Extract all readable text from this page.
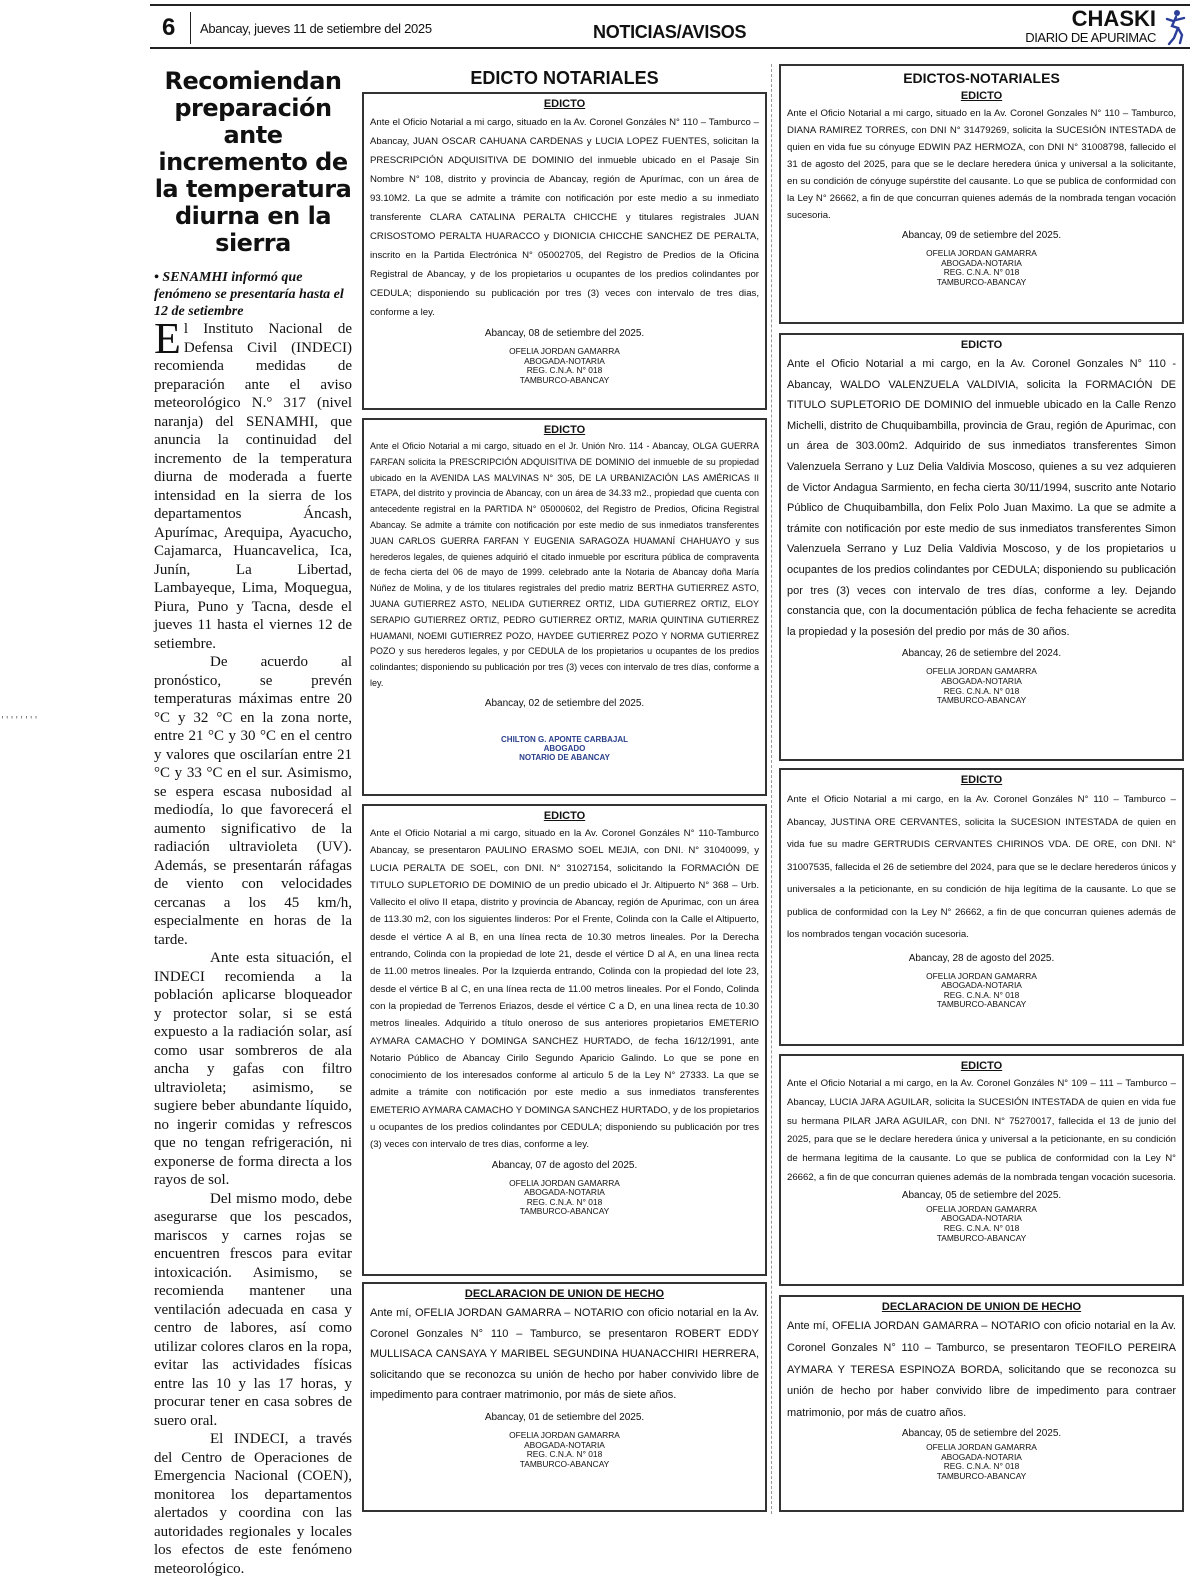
6 Abancay, jueves 11 de setiembre del 2025	NOTICIAS/AVISOS
CHASKI
DIARIO DE APURIMAC
''''''''
Recomiendan preparación ante incremento de la temperatura diurna en la sierra
• SENAMHI informó que fenómeno se presentaría hasta el 12 de setiembre

El Instituto Nacional de Defensa Civil (INDECI) recomienda medidas de preparación ante el aviso meteorológico N.° 317 (nivel naranja) del SENAMHI, que anuncia la continuidad del incremento de la temperatura diurna de moderada a fuerte intensidad en la sierra de los departamentos Áncash, Apurímac, Arequipa, Ayacucho, Cajamarca, Huancavelica, Ica, Junín, La Libertad, Lambayeque, Lima, Moquegua, Piura, Puno y Tacna, desde el jueves 11 hasta el viernes 12 de setiembre.

De acuerdo al pronóstico, se prevén temperaturas máximas entre 20 °C y 32 °C en la zona norte, entre 21 °C y 30 °C en el centro y valores que oscilarían entre 21 °C y 33 °C en el sur. Asimismo, se espera escasa nubosidad al mediodía, lo que favorecerá el aumento significativo de la radiación ultravioleta (UV). Además, se presentarán ráfagas de viento con velocidades cercanas a los 45 km/h, especialmente en horas de la tarde.

Ante esta situación, el INDECI recomienda a la población aplicarse bloqueador y protector solar, si se está expuesto a la radiación solar, así como usar sombreros de ala ancha y gafas con filtro ultravioleta; asimismo, se sugiere beber abundante líquido, no ingerir comidas y refrescos que no tengan refrigeración, ni exponerse de forma directa a los rayos de sol.

Del mismo modo, debe asegurarse que los pescados, mariscos y carnes rojas se encuentren frescos para evitar intoxicación. Asimismo, se recomienda mantener una ventilación adecuada en casa y centro de labores, así como utilizar colores claros en la ropa, evitar las actividades físicas entre las 10 y las 17 horas, y procurar tener en casa sobres de suero oral.

El INDECI, a través del Centro de Operaciones de Emergencia Nacional (COEN), monitorea los departamentos alertados y coordina con las autoridades regionales y locales los efectos de este fenómeno meteorológico.

EDICTO NOTARIALES
EDICTO
Ante el Oficio Notarial a mi cargo, situado en la Av. Coronel Gonzáles N° 110 – Tamburco – Abancay, JUAN OSCAR CAHUANA CARDENAS y LUCIA LOPEZ FUENTES, solicitan la PRESCRIPCIÓN ADQUISITIVA DE DOMINIO del inmueble ubicado en el Pasaje Sin Nombre N° 108, distrito y provincia de Abancay, región de Apurímac, con un área de 93.10M2. La que se admite a trámite con notificación por este medio a su inmediato transferente CLARA CATALINA PERALTA CHICCHE y titulares registrales JUAN CRISOSTOMO PERALTA HUARACCO y DIONICIA CHICCHE SANCHEZ DE PERALTA, inscrito en la Partida Electrónica N° 05002705, del Registro de Predios de la Oficina Registral de Abancay, y de los propietarios u ocupantes de los predios colindantes por CEDULA; disponiendo su publicación por tres (3) veces con intervalo de tres dias, conforme a ley.
Abancay, 08 de setiembre del 2025.
OFELIA JORDAN GAMARRA
ABOGADA-NOTARIA
REG. C.N.A. N° 018
TAMBURCO-ABANCAY
EDICTO
Ante el Oficio Notarial a mi cargo, situado en el Jr. Unión Nro. 114 - Abancay, OLGA GUERRA FARFAN solicita la PRESCRIPCIÓN ADQUISITIVA DE DOMINIO del inmueble de su propiedad ubicado en la AVENIDA LAS MALVINAS N° 305, DE LA URBANIZACIÓN LAS AMÉRICAS II ETAPA, del distrito y provincia de Abancay, con un área de 34.33 m2., propiedad que cuenta con antecedente registral en la PARTIDA N° 05000602, del Registro de Predios, Oficina Registral Abancay. Se admite a trámite con notificación por este medio de sus inmediatos transferentes JUAN CARLOS GUERRA FARFAN Y EUGENIA SARAGOZA HUAMANÍ CHAHUAYO y sus herederos legales, de quienes adquirió el citado inmueble por escritura pública de compraventa de fecha cierta del 06 de mayo de 1999. celebrado ante la Notaria de Abancay doña María Núñez de Molina, y de los titulares registrales del predio matriz BERTHA GUTIERREZ ASTO, JUANA GUTIERREZ ASTO, NELIDA GUTIERREZ ORTIZ, LIDA GUTIERREZ ORTIZ, ELOY SERAPIO GUTIERREZ ORTIZ, PEDRO GUTIERREZ ORTIZ, MARIA QUINTINA GUTIERREZ HUAMANI, NOEMI GUTIERREZ POZO, HAYDEE GUTIERREZ POZO Y NORMA GUTIERREZ POZO y sus herederos legales, y por CEDULA de los propietarios u ocupantes de los predios colindantes; disponiendo su publicación por tres (3) veces con intervalo de tres días, conforme a ley.
Abancay, 02 de setiembre del 2025.
CHILTON G. APONTE CARBAJAL
ABOGADO
NOTARIO DE ABANCAY
EDICTO
Ante el Oficio Notarial a mi cargo, situado en la Av. Coronel Gonzáles N° 110-Tamburco Abancay, se presentaron PAULINO ERASMO SOEL MEJIA, con DNI. N° 31040099, y LUCIA PERALTA DE SOEL, con DNI. N° 31027154, solicitando la FORMACIÓN DE TITULO SUPLETORIO DE DOMINIO de un predio ubicado el Jr. Altipuerto N° 368 – Urb. Vallecito el olivo II etapa, distrito y provincia de Abancay, región de Apurimac, con un área de 113.30 m2, con los siguientes linderos: Por el Frente, Colinda con la Calle el Altipuerto, desde el vértice A al B, en una línea recta de 10.30 metros lineales. Por la Derecha entrando, Colinda con la propiedad de lote 21, desde el vértice D al A, en una linea recta de 11.00 metros lineales. Por la Izquierda entrando, Colinda con la propiedad del lote 23, desde el vértice B al C, en una línea recta de 11.00 metros lineales. Por el Fondo, Colinda con la propiedad de Terrenos Eriazos, desde el vértice C a D, en una linea recta de 10.30 metros lineales. Adquirido a título oneroso de sus anteriores propietarios EMETERIO AYMARA CAMACHO Y DOMINGA SANCHEZ HURTADO, de fecha 16/12/1991, ante Notario Público de Abancay Cirilo Segundo Aparicio Galindo. Lo que se pone en conocimiento de los interesados conforme al articulo 5 de la Ley N° 27333. La que se admite a trámite con notificación por este medio a sus inmediatos transferentes EMETERIO AYMARA CAMACHO Y DOMINGA SANCHEZ HURTADO, y de los propietarios u ocupantes de los predios colindantes por CEDULA; disponiendo su publicación por tres (3) veces con intervalo de tres dias, conforme a ley.
Abancay, 07 de agosto del 2025.
OFELIA JORDAN GAMARRA
ABOGADA-NOTARIA
REG. C.N.A. N° 018
TAMBURCO-ABANCAY
DECLARACION DE UNION DE HECHO
Ante mí, OFELIA JORDAN GAMARRA – NOTARIO con oficio notarial en la Av. Coronel Gonzales N° 110 – Tamburco, se presentaron ROBERT EDDY MULLISACA CANSAYA Y MARIBEL SEGUNDINA HUANACCHIRI HERRERA, solicitando que se reconozca su unión de hecho por haber convivido libre de impedimento para contraer matrimonio, por más de siete años.
Abancay, 01 de setiembre del 2025.
OFELIA JORDAN GAMARRA
ABOGADA-NOTARIA
REG. C.N.A. N° 018
TAMBURCO-ABANCAY
EDICTOS-NOTARIALES
EDICTO
Ante el Oficio Notarial a mi cargo, situado en la Av. Coronel Gonzales N° 110 – Tamburco, DIANA RAMIREZ TORRES, con DNI N° 31479269, solicita la SUCESIÓN INTESTADA de quien en vida fue su cónyuge EDWIN PAZ HERMOZA, con DNI N° 31008798, fallecido el 31 de agosto del 2025, para que se le declare heredera única y universal a la solicitante, en su condición de cónyuge supérstite del causante. Lo que se publica de conformidad con la Ley N° 26662, a fin de que concurran quienes además de la nombrada tengan vocación sucesoria.
Abancay, 09 de setiembre del 2025.
OFELIA JORDAN GAMARRA
ABOGADA-NOTARIA
REG. C.N.A. N° 018
TAMBURCO-ABANCAY
EDICTO
Ante el Oficio Notarial a mi cargo, en la Av. Coronel Gonzales N° 110 - Abancay, WALDO VALENZUELA VALDIVIA, solicita la FORMACIÓN DE TITULO SUPLETORIO DE DOMINIO del inmueble ubicado en la Calle Renzo Michelli, distrito de Chuquibambilla, provincia de Grau, región de Apurimac, con un área de 303.00m2. Adquirido de sus inmediatos transferentes Simon Valenzuela Serrano y Luz Delia Valdivia Moscoso, quienes a su vez adquieren de Victor Andagua Sarmiento, en fecha cierta 30/11/1994, suscrito ante Notario Público de Chuquibambilla, don Felix Polo Juan Maximo. La que se admite a trámite con notificación por este medio de sus inmediatos transferentes Simon Valenzuela Serrano y Luz Delia Valdivia Moscoso, y de los propietarios u ocupantes de los predios colindantes por CEDULA; disponiendo su publicación por tres (3) veces con intervalo de tres días, conforme a ley. Dejando constancia que, con la documentación pública de fecha fehaciente se acredita la propiedad y la posesión del predio por más de 30 años.
Abancay, 26 de setiembre del 2024.
OFELIA JORDAN GAMARRA
ABOGADA-NOTARIA
REG. C.N.A. N° 018
TAMBURCO-ABANCAY
EDICTO
Ante el Oficio Notarial a mi cargo, en la Av. Coronel Gonzáles N° 110 – Tamburco – Abancay, JUSTINA ORE CERVANTES, solicita la SUCESION INTESTADA de quien en vida fue su madre GERTRUDIS CERVANTES CHIRINOS VDA. DE ORE, con DNI. N° 31007535, fallecida el 26 de setiembre del 2024, para que se le declare herederos únicos y universales a la peticionante, en su condición de hija legítima de la causante. Lo que se publica de conformidad con la Ley N° 26662, a fin de que concurran quienes además de los nombrados tengan vocación sucesoria.
Abancay, 28 de agosto del 2025.
OFELIA JORDAN GAMARRA
ABOGADA-NOTARIA
REG. C.N.A. N° 018
TAMBURCO-ABANCAY
EDICTO
Ante el Oficio Notarial a mi cargo, en la Av. Coronel Gonzáles N° 109 – 111 – Tamburco – Abancay, LUCIA JARA AGUILAR, solicita la SUCESIÓN INTESTADA de quien en vida fue su hermana PILAR JARA AGUILAR, con DNI. N° 75270017, fallecida el 13 de junio del 2025, para que se le declare heredera única y universal a la peticionante, en su condición de hermana legitima de la causante. Lo que se publica de conformidad con la Ley N° 26662, a fin de que concurran quienes además de la nombrada tengan vocación sucesoria.
Abancay, 05 de setiembre del 2025.
OFELIA JORDAN GAMARRA
ABOGADA-NOTARIA
REG. C.N.A. N° 018
TAMBURCO-ABANCAY
DECLARACION DE UNION DE HECHO
Ante mí, OFELIA JORDAN GAMARRA – NOTARIO con oficio notarial en la Av. Coronel Gonzales N° 110 – Tamburco, se presentaron TEOFILO PEREIRA AYMARA Y TERESA ESPINOZA BORDA, solicitando que se reconozca su unión de hecho por haber convivido libre de impedimento para contraer matrimonio, por más de cuatro años.
Abancay, 05 de setiembre del 2025.
OFELIA JORDAN GAMARRA
ABOGADA-NOTARIA
REG. C.N.A. N° 018
TAMBURCO-ABANCAY
